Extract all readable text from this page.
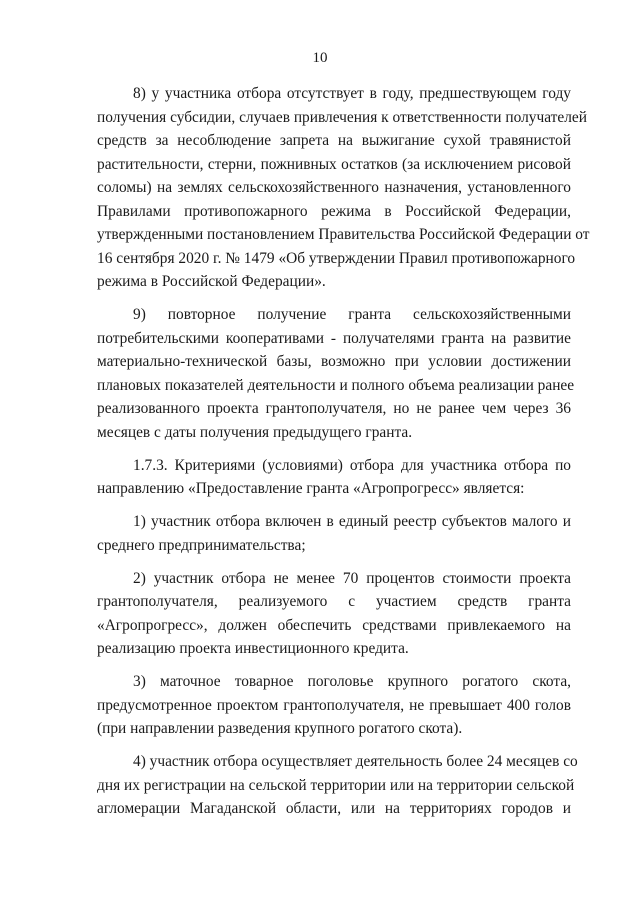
10
8) у участника отбора отсутствует в году, предшествующем году
получения субсидии, случаев привлечения к ответственности получателей
средств за несоблюдение запрета на выжигание сухой травянистой
растительности, стерни, пожнивных остатков (за исключением рисовой
соломы) на землях сельскохозяйственного назначения, установленного
Правилами противопожарного режима в Российской Федерации,
утвержденными постановлением Правительства Российской Федерации от
16 сентября 2020 г. № 1479 «Об утверждении Правил противопожарного
режима в Российской Федерации».
9) повторное получение гранта сельскохозяйственными
потребительскими кооперативами - получателями гранта на развитие
материально-технической базы, возможно при условии достижении
плановых показателей деятельности и полного объема реализации ранее
реализованного проекта грантополучателя, но не ранее чем через 36
месяцев с даты получения предыдущего гранта.
1.7.3. Критериями (условиями) отбора для участника отбора по
направлению «Предоставление гранта «Агропрогресс» является:
1) участник отбора включен в единый реестр субъектов малого и
среднего предпринимательства;
2) участник отбора не менее 70 процентов стоимости проекта
грантополучателя, реализуемого с участием средств гранта
«Агропрогресс», должен обеспечить средствами привлекаемого на
реализацию проекта инвестиционного кредита.
3) маточное товарное поголовье крупного рогатого скота,
предусмотренное проектом грантополучателя, не превышает 400 голов
(при направлении разведения крупного рогатого скота).
4) участник отбора осуществляет деятельность более 24 месяцев со
дня их регистрации на сельской территории или на территории сельской
агломерации Магаданской области, или на территориях городов и
